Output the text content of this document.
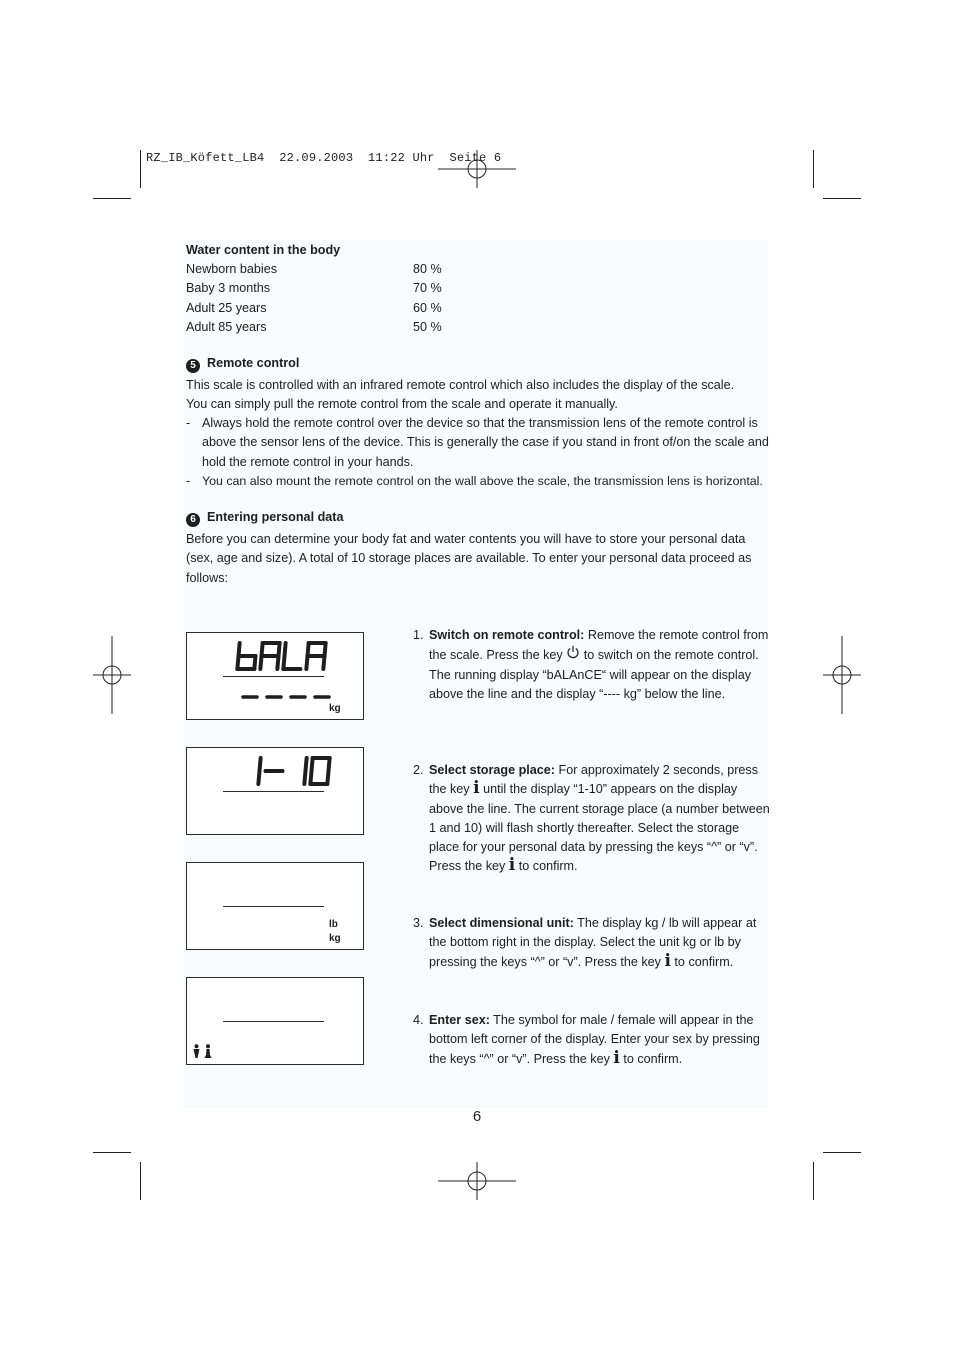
RZ_IB_Köfett_LB4  22.09.2003  11:22 Uhr  Seite 6
Water content in the body
Newborn babies	80 %
Baby 3 months	70 %
Adult 25 years	60 %
Adult 85 years	50 %
5 Remote control
This scale is controlled with an infrared remote control which also includes the display of the scale.
You can simply pull the remote control from the scale and operate it manually.
- Always hold the remote control over the device so that the transmission lens of the remote control is above the sensor lens of the device. This is generally the case if you stand in front of/on the scale and hold the remote control in your hands.
- You can also mount the remote control on the wall above the scale, the transmission lens is horizontal.
6 Entering personal data
Before you can determine your body fat and water contents you will have to store your personal data (sex, age and size). A total of 10 storage places are available. To enter your personal data proceed as follows:
kg
lb
kg
1. Switch on remote control: Remove the remote control from the scale. Press the key  to switch on the remote control. The running display “bALAnCE“ will appear on the display above the line and the display “---- kg” below the line.
2. Select storage place: For approximately 2 seconds, press the key i until the display “1-10” appears on the display above the line. The current storage place (a number between 1 and 10) will flash shortly thereafter. Select the storage place for your personal data by pressing the keys “^” or “v”. Press the key i to confirm.
3. Select dimensional unit: The display kg / lb will appear at the bottom right in the display. Select the unit kg or lb by pressing the keys “^” or “v”. Press the key i to confirm.
4. Enter sex: The symbol for male / female will appear in the bottom left corner of the display. Enter your sex by pressing the keys “^” or “v”. Press the key i to confirm.
6
